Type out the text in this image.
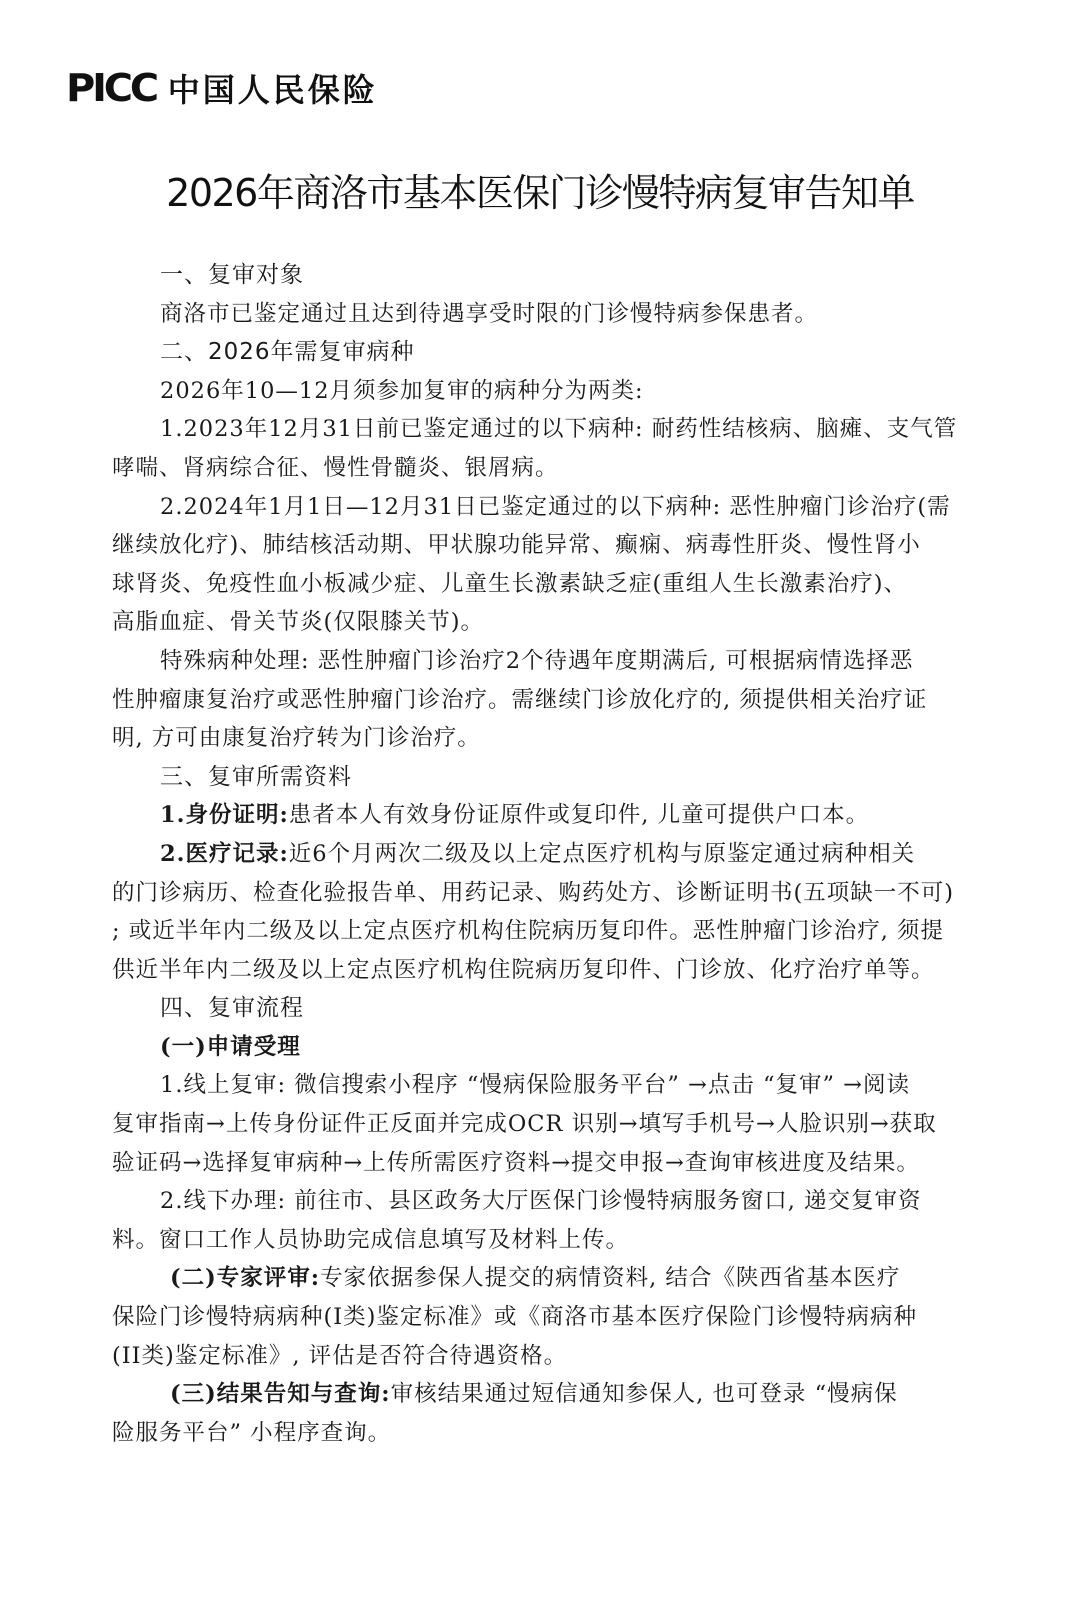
PICC 中国人民保险
2026年商洛市基本医保门诊慢特病复审告知单
一、复审对象
商洛市已鉴定通过且达到待遇享受时限的门诊慢特病参保患者。
二、2026年需复审病种
2026年10—12月须参加复审的病种分为两类:
1.2023年12月31日前已鉴定通过的以下病种: 耐药性结核病、脑瘫、支气管
哮喘、肾病综合征、慢性骨髓炎、银屑病。
2.2024年1月1日—12月31日已鉴定通过的以下病种: 恶性肿瘤门诊治疗(需
继续放化疗)、肺结核活动期、甲状腺功能异常、癫痫、病毒性肝炎、慢性肾小
球肾炎、免疫性血小板减少症、儿童生长激素缺乏症(重组人生长激素治疗)、
高脂血症、骨关节炎(仅限膝关节)。
特殊病种处理: 恶性肿瘤门诊治疗2个待遇年度期满后, 可根据病情选择恶
性肿瘤康复治疗或恶性肿瘤门诊治疗。需继续门诊放化疗的, 须提供相关治疗证
明, 方可由康复治疗转为门诊治疗。
三、复审所需资料
1.身份证明:患者本人有效身份证原件或复印件, 儿童可提供户口本。
2.医疗记录:近6个月两次二级及以上定点医疗机构与原鉴定通过病种相关
的门诊病历、检查化验报告单、用药记录、购药处方、诊断证明书(五项缺一不可)
; 或近半年内二级及以上定点医疗机构住院病历复印件。恶性肿瘤门诊治疗, 须提
供近半年内二级及以上定点医疗机构住院病历复印件、门诊放、化疗治疗单等。
四、复审流程
(一)申请受理
1.线上复审: 微信搜索小程序 “慢病保险服务平台” →点击 “复审” →阅读
复审指南→上传身份证件正反面并完成OCR 识别→填写手机号→人脸识别→获取
验证码→选择复审病种→上传所需医疗资料→提交申报→查询审核进度及结果。
2.线下办理: 前往市、县区政务大厅医保门诊慢特病服务窗口, 递交复审资
料。窗口工作人员协助完成信息填写及材料上传。
(二)专家评审:专家依据参保人提交的病情资料, 结合《陕西省基本医疗
保险门诊慢特病病种(I类)鉴定标准》或《商洛市基本医疗保险门诊慢特病病种
(II类)鉴定标准》, 评估是否符合待遇资格。
(三)结果告知与查询:审核结果通过短信通知参保人, 也可登录 “慢病保
险服务平台” 小程序查询。
